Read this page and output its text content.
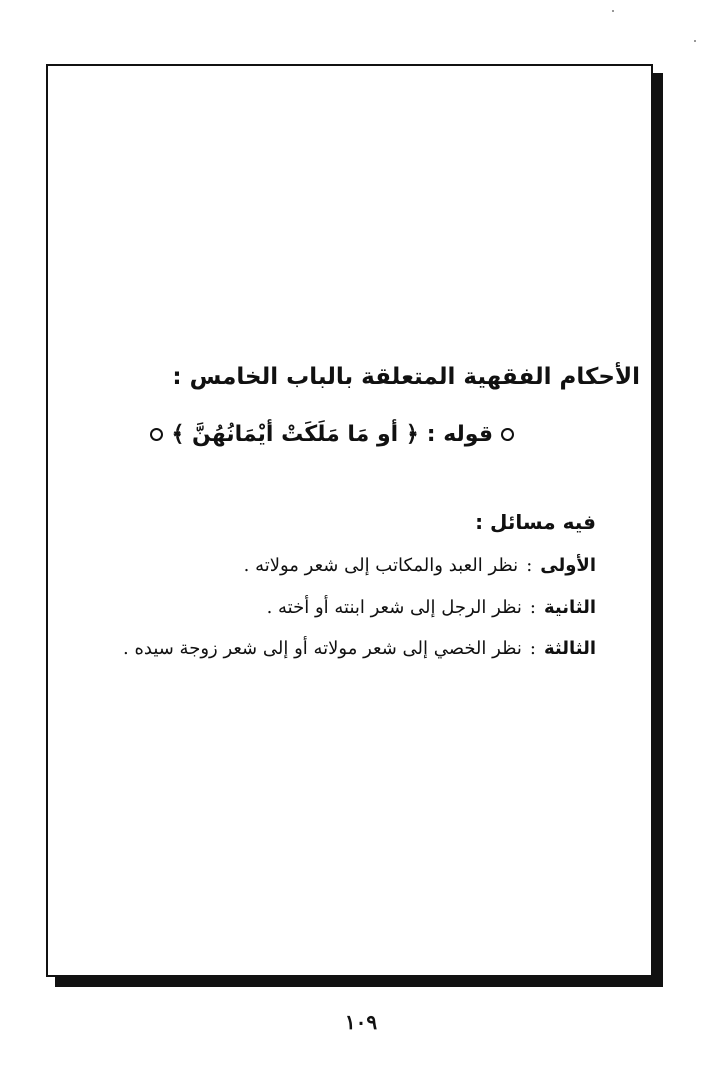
الأحكام الفقهية المتعلقة بالباب الخامس :
قوله :
﴿ أو مَا مَلَكَتْ أيْمَانُهُنَّ ﴾
فيه مسائل :
الأولى
:
نظر العبد والمكاتب إلى شعر مولاته .
الثانية
:
نظر الرجل إلى شعر ابنته أو أخته .
الثالثة
:
نظر الخصي إلى شعر مولاته أو إلى شعر زوجة سيده .
١٠٩
